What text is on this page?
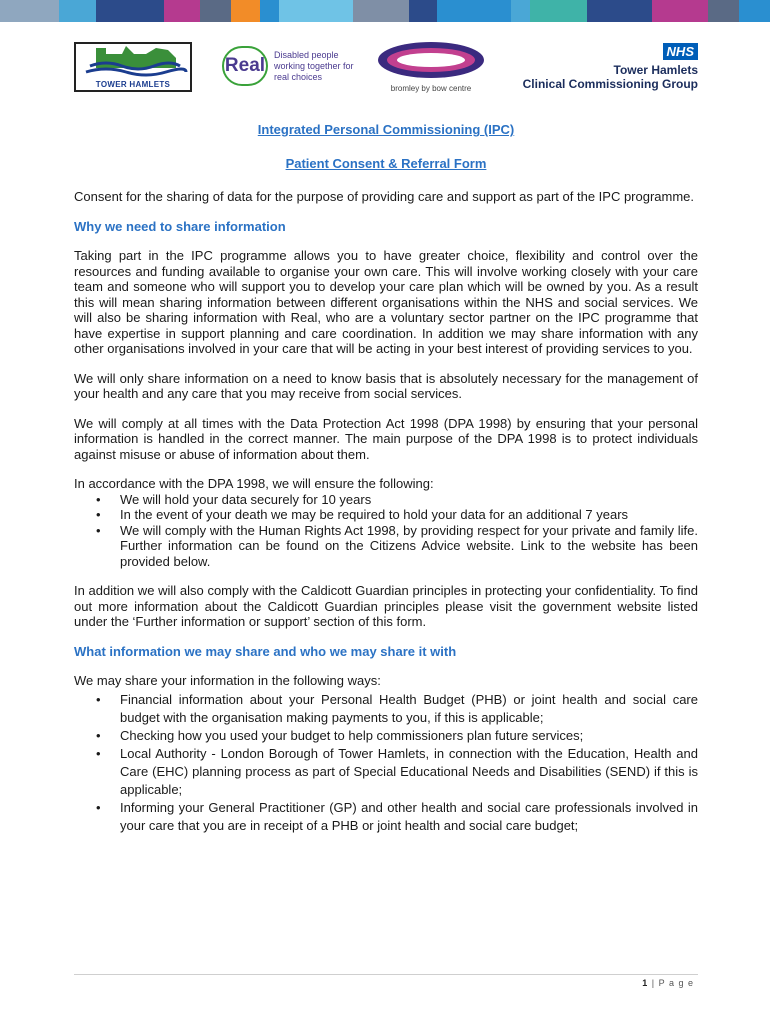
TOWER HAMLETS
Real Disabled people working together for real choices
bromley by bow centre
NHS
Tower Hamlets
Clinical Commissioning Group
Integrated Personal Commissioning (IPC)
Patient Consent & Referral Form

Consent for the sharing of data for the purpose of providing care and support as part of the IPC programme.

Why we need to share information

Taking part in the IPC programme allows you to have greater choice, flexibility and control over the resources and funding available to organise your own care. This will involve working closely with your care team and someone who will support you to develop your care plan which will be owned by you. As a result this will mean sharing information between different organisations within the NHS and social services. We will also be sharing information with Real, who are a voluntary sector partner on the IPC programme that have expertise in support planning and care coordination. In addition we may share information with any other organisations involved in your care that will be acting in your best interest of providing services to you.

We will only share information on a need to know basis that is absolutely necessary for the management of your health and any care that you may receive from social services.

We will comply at all times with the Data Protection Act 1998 (DPA 1998) by ensuring that your personal information is handled in the correct manner. The main purpose of the DPA 1998 is to protect individuals against misuse or abuse of information about them.

In accordance with the DPA 1998, we will ensure the following:

• We will hold your data securely for 10 years
• In the event of your death we may be required to hold your data for an additional 7 years
• We will comply with the Human Rights Act 1998, by providing respect for your private and family life. Further information can be found on the Citizens Advice website. Link to the website has been provided below.

In addition we will also comply with the Caldicott Guardian principles in protecting your confidentiality. To find out more information about the Caldicott Guardian principles please visit the government website listed under the ‘Further information or support’ section of this form.

What information we may share and who we may share it with

We may share your information in the following ways:

• Financial information about your Personal Health Budget (PHB) or joint health and social care budget with the organisation making payments to you, if this is applicable;
• Checking how you used your budget to help commissioners plan future services;
• Local Authority - London Borough of Tower Hamlets, in connection with the Education, Health and Care (EHC) planning process as part of Special Educational Needs and Disabilities (SEND) if this is applicable;
• Informing your General Practitioner (GP) and other health and social care professionals involved in your care that you are in receipt of a PHB or joint health and social care budget;
1 | P a g e
